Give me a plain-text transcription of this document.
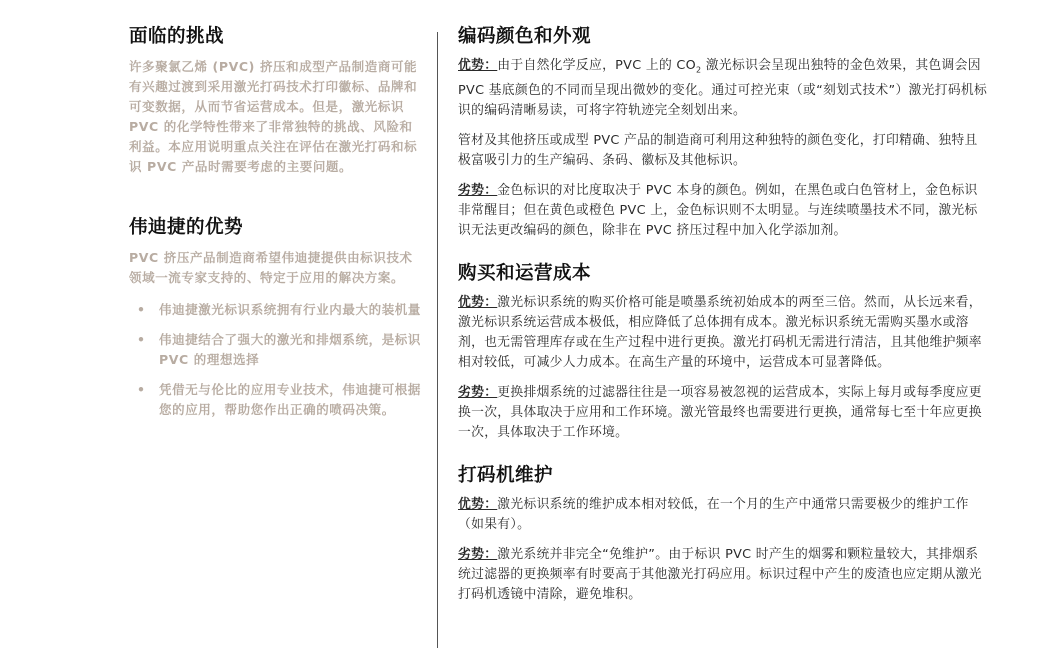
面临的挑战

许多聚氯乙烯 (PVC) 挤压和成型产品制造商可能有兴趣过渡到采用激光打码技术打印徽标、品牌和可变数据，从而节省运营成本。但是，激光标识 PVC 的化学特性带来了非常独特的挑战、风险和利益。本应用说明重点关注在评估在激光打码和标识 PVC 产品时需要考虑的主要问题。

伟迪捷的优势

PVC 挤压产品制造商希望伟迪捷提供由标识技术领域一流专家支持的、特定于应用的解决方案。

• 伟迪捷激光标识系统拥有行业内最大的装机量
• 伟迪捷结合了强大的激光和排烟系统，是标识 PVC 的理想选择
• 凭借无与伦比的应用专业技术，伟迪捷可根据您的应用，帮助您作出正确的喷码决策。
编码颜色和外观

优势：由于自然化学反应，PVC 上的 $CO_2$ 激光标识会呈现出独特的金色效果，其色调会因 PVC 基底颜色的不同而呈现出微妙的变化。通过可控光束（或“刻划式技术”）激光打码机标识的编码清晰易读，可将字符轨迹完全刻划出来。

管材及其他挤压或成型 PVC 产品的制造商可利用这种独特的颜色变化，打印精确、独特且极富吸引力的生产编码、条码、徽标及其他标识。

劣势：金色标识的对比度取决于 PVC 本身的颜色。例如，在黑色或白色管材上，金色标识非常醒目；但在黄色或橙色 PVC 上，金色标识则不太明显。与连续喷墨技术不同，激光标识无法更改编码的颜色，除非在 PVC 挤压过程中加入化学添加剂。

购买和运营成本

优势：激光标识系统的购买价格可能是喷墨系统初始成本的两至三倍。然而，从长远来看，激光标识系统运营成本极低，相应降低了总体拥有成本。激光标识系统无需购买墨水或溶剂，也无需管理库存或在生产过程中进行更换。激光打码机无需进行清洁，且其他维护频率相对较低，可减少人力成本。在高生产量的环境中，运营成本可显著降低。

劣势：更换排烟系统的过滤器往往是一项容易被忽视的运营成本，实际上每月或每季度应更换一次，具体取决于应用和工作环境。激光管最终也需要进行更换，通常每七至十年应更换一次，具体取决于工作环境。

打码机维护

优势：激光标识系统的维护成本相对较低，在一个月的生产中通常只需要极少的维护工作（如果有）。

劣势：激光系统并非完全“免维护”。由于标识 PVC 时产生的烟雾和颗粒量较大，其排烟系统过滤器的更换频率有时要高于其他激光打码应用。标识过程中产生的废渣也应定期从激光打码机透镜中清除，避免堆积。
